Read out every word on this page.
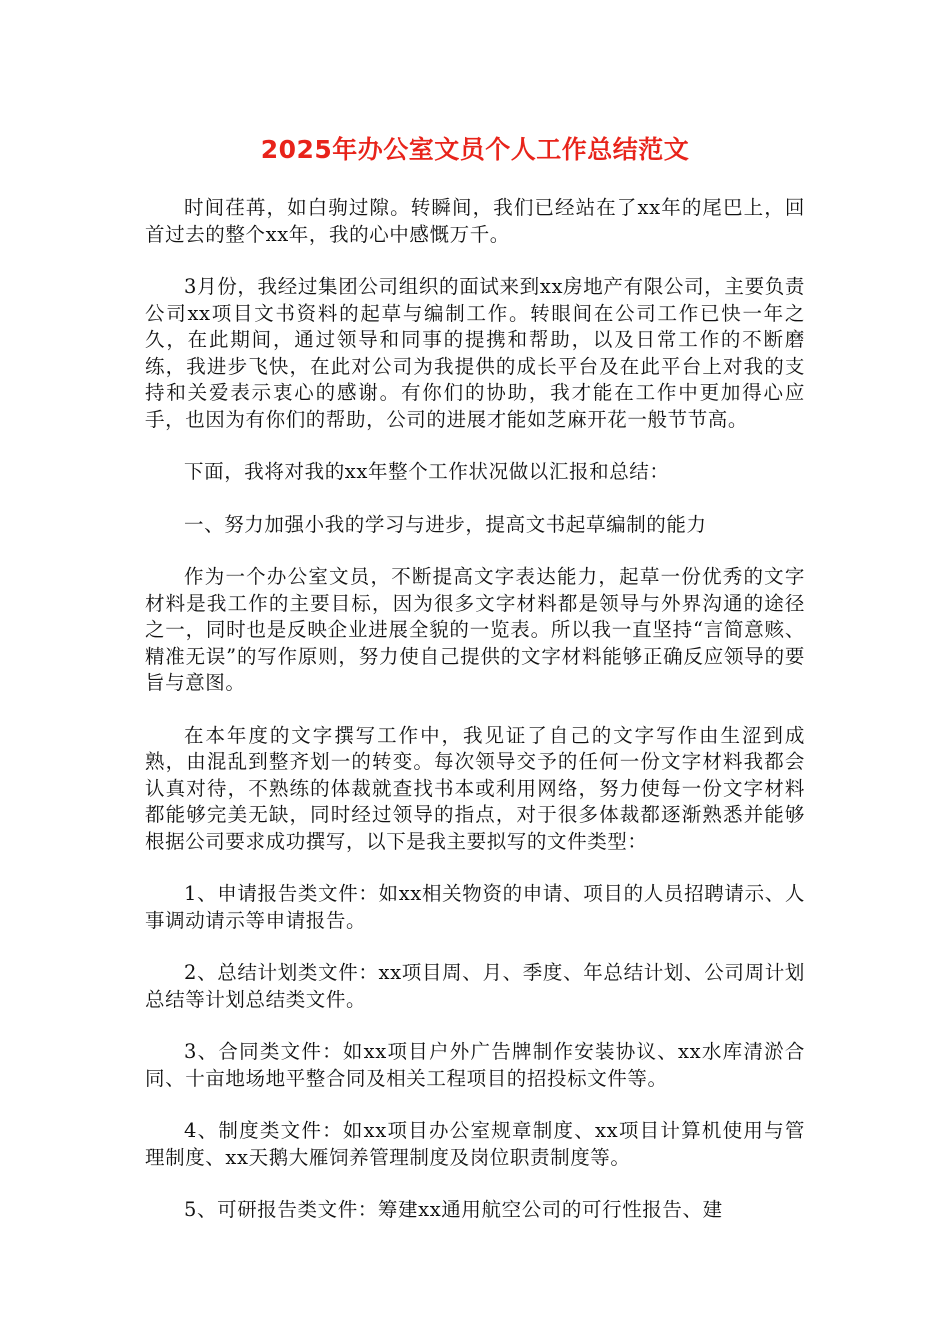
2025年办公室文员个人工作总结范文

时间荏苒，如白驹过隙。转瞬间，我们已经站在了xx年的尾巴上，回首过去的整个xx年，我的心中感慨万千。

3月份，我经过集团公司组织的面试来到xx房地产有限公司，主要负责公司xx项目文书资料的起草与编制工作。转眼间在公司工作已快一年之久，在此期间，通过领导和同事的提携和帮助，以及日常工作的不断磨练，我进步飞快，在此对公司为我提供的成长平台及在此平台上对我的支持和关爱表示衷心的感谢。有你们的协助，我才能在工作中更加得心应手，也因为有你们的帮助，公司的进展才能如芝麻开花一般节节高。

下面，我将对我的xx年整个工作状况做以汇报和总结：

一、努力加强小我的学习与进步，提高文书起草编制的能力

作为一个办公室文员，不断提高文字表达能力，起草一份优秀的文字材料是我工作的主要目标，因为很多文字材料都是领导与外界沟通的途径之一，同时也是反映企业进展全貌的一览表。所以我一直坚持“言简意赅、精准无误”的写作原则，努力使自己提供的文字材料能够正确反应领导的要旨与意图。

在本年度的文字撰写工作中，我见证了自己的文字写作由生涩到成熟，由混乱到整齐划一的转变。每次领导交予的任何一份文字材料我都会认真对待，不熟练的体裁就查找书本或利用网络，努力使每一份文字材料都能够完美无缺，同时经过领导的指点，对于很多体裁都逐渐熟悉并能够根据公司要求成功撰写，以下是我主要拟写的文件类型：

1、申请报告类文件：如xx相关物资的申请、项目的人员招聘请示、人事调动请示等申请报告。

2、总结计划类文件：xx项目周、月、季度、年总结计划、公司周计划总结等计划总结类文件。

3、合同类文件：如xx项目户外广告牌制作安装协议、xx水库清淤合同、十亩地场地平整合同及相关工程项目的招投标文件等。

4、制度类文件：如xx项目办公室规章制度、xx项目计算机使用与管理制度、xx天鹅大雁饲养管理制度及岗位职责制度等。

5、可研报告类文件：筹建xx通用航空公司的可行性报告、建
